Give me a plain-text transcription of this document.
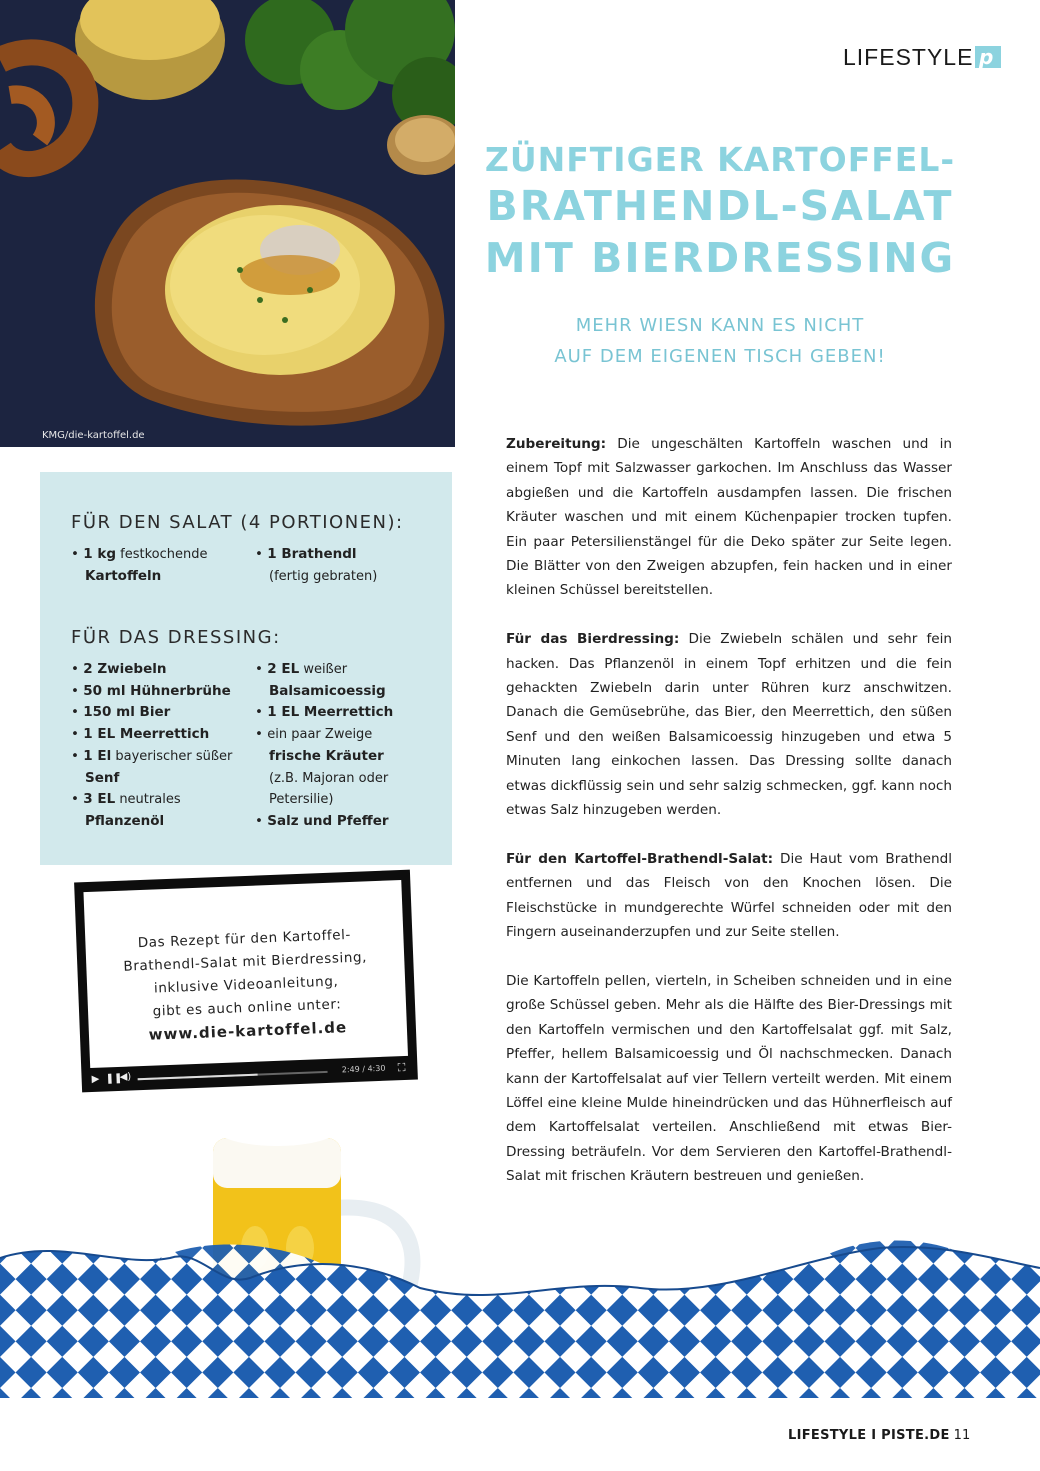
KMG/die-kartoffel.de
LIFESTYLE p
ZÜNFTIGER KARTOFFEL-
BRATHENDL-SALAT
MIT BIERDRESSING
MEHR WIESN KANN ES NICHT
AUF DEM EIGENEN TISCH GEBEN!
FÜR DEN SALAT (4 PORTIONEN):
• 1 kg festkochende
Kartoffeln
• 1 Brathendl
(fertig gebraten)
FÜR DAS DRESSING:
• 2 Zwiebeln
• 50 ml Hühnerbrühe
• 150 ml Bier
• 1 EL Meerrettich
• 1 El bayerischer süßer
Senf
• 3 EL neutrales
Pflanzenöl
• 2 EL weißer
Balsamicoessig
• 1 EL Meerrettich
• ein paar Zweige
frische Kräuter
(z.B. Majoran oder Petersilie)
• Salz und Pfeffer
Das Rezept für den Kartoffel-
Brathendl-Salat mit Bierdressing,
inklusive Videoanleitung,
gibt es auch online unter:
www.die-kartoffel.de
▶ ❚❚
◀)
2:49 / 4:30 ⛶

Zubereitung: Die ungeschälten Kartoffeln waschen und in einem Topf mit Salzwasser garkochen. Im Anschluss das Wasser abgießen und die Kartoffeln ausdampfen lassen. Die frischen Kräuter waschen und mit einem Küchenpapier trocken tupfen. Ein paar Petersilienstängel für die Deko später zur Seite legen. Die Blätter von den Zweigen abzupfen, fein hacken und in einer kleinen Schüssel bereitstellen.

Für das Bierdressing: Die Zwiebeln schälen und sehr fein hacken. Das Pflanzenöl in einem Topf erhitzen und die fein gehackten Zwiebeln darin unter Rühren kurz anschwitzen. Danach die Gemüsebrühe, das Bier, den Meerrettich, den süßen Senf und den weißen Balsamicoessig hinzugeben und etwa 5 Minuten lang einkochen lassen. Das Dressing sollte danach etwas dickflüssig sein und sehr salzig schmecken, ggf. kann noch etwas Salz hinzugeben werden.

Für den Kartoffel-Brathendl-Salat: Die Haut vom Brathendl entfernen und das Fleisch von den Knochen lösen. Die Fleischstücke in mundgerechte Würfel schneiden oder mit den Fingern auseinanderzupfen und zur Seite stellen.

Die Kartoffeln pellen, vierteln, in Scheiben schneiden und in eine große Schüssel geben. Mehr als die Hälfte des Bier-Dressings mit den Kartoffeln vermischen und den Kartoffelsalat ggf. mit Salz, Pfeffer, hellem Balsamicoessig und Öl nachschmecken. Danach kann der Kartoffelsalat auf vier Tellern verteilt werden. Mit einem Löffel eine kleine Mulde hineindrücken und das Hühnerfleisch auf dem Kartoffelsalat verteilen. Anschließend mit etwas Bier-Dressing beträufeln. Vor dem Servieren den Kartoffel-Brathendl-Salat mit frischen Kräutern bestreuen und genießen.

LIFESTYLE I PISTE.DE 11
